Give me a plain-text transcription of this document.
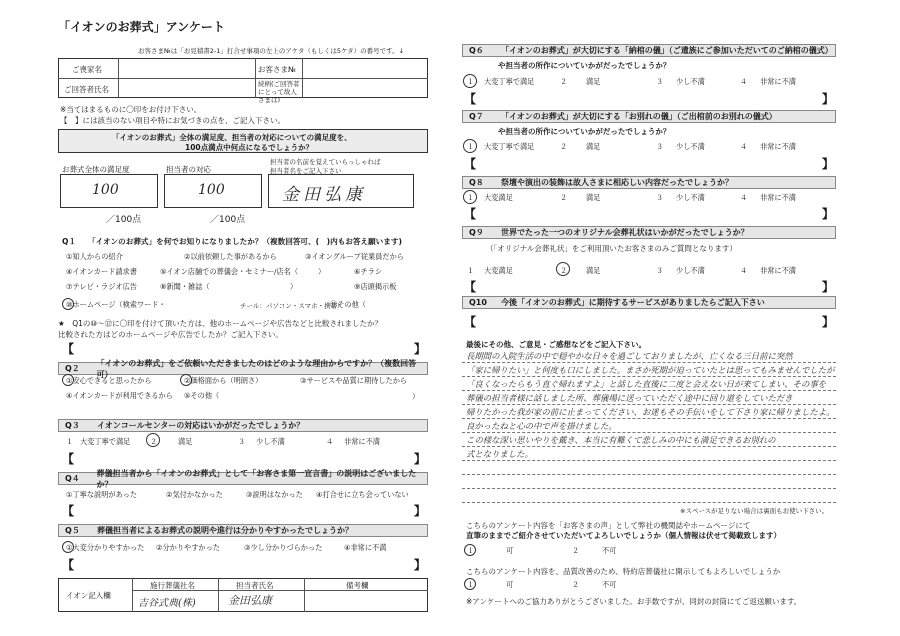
「イオンのお葬式」アンケート
お客さま№は「お見積書2-1」打合せ事項の左上のアケタ（もしくは5ケタ）の番号です。↓
ご喪家名	お客さま№
ご回答者氏名
続柄(ご回答者にとって故人さまは)
※当てはまるものに〇印をお付け下さい。
【　】には該当のない項目や特にお気づきの点を、ご記入下さい。
「イオンのお葬式」全体の満足度、担当者の対応についての満足度を、
100点満点中何点になるでしょうか？
お葬式全体の満足度	担当者の対応
担当者の名前を覚えていらっしゃれば
担当者名をご記入下さい
100	100	金田弘康
／100点	／100点
Q１ 「イオンのお葬式」を何でお知りになりましたか？（複数回答可、(　)内もお答え願います)
①知人からの紹介	②以前依頼した事があるから	③イオングループ従業員だから
④イオンカード請求書	⑤イオン店舗での葬儀会・セミナー/店名（	）	⑥チラシ
⑦テレビ・ラジオ広告	⑧新聞・雑誌（	）	⑨店頭掲示板
⑩ホームページ（検索ワード・	チール：パソコン・スマホ・携帯）
⑪その他（
★　Q1の⑩～⑫に〇印を付けて頂いた方は、他のホームページや広告などと比較されましたか？
比較された方はどのホームページや広告でしたか？ご記入下さい。
【	】
Q２
「イオンのお葬式」をご依頼いただきましたのはどのような理由からですか？（複数回答可）
①安心できると思ったから	②価格面から（明朗さ）	③サービスや品質に期待したから
④イオンカードが利用できるから ⑤その他（	）
Q３	イオンコールセンターの対応はいかがだったでしょうか？
１ 大変丁寧で満足	２	満足	３ 少し不満	４ 非常に不満
【	】
Q４
葬儀担当者から「イオンのお葬式」として「お客さま第一宣言書」の説明はございましたか？
①丁寧な説明があった	②気付かなかった	③説明はなかった ④打合せに立ち会っていない
【	】
Q５	葬儀担当者によるお葬式の説明や進行は分かりやすかったでしょうか？
①大変分かりやすかった ②分かりやすかった	③少し分かりづらかった	④非常に不満
【	】
イオン記入欄
施行葬儀社名	担当者氏名	備考欄
吉谷式典(株)	金田弘康
Q６	「イオンのお葬式」が大切にする「納棺の儀」（ご遺族にご参加いただいてのご納棺の儀式）
や担当者の所作についていかがだったでしょうか？
１ 大変丁寧で満足	２	満足	３ 少し不満	４ 非常に不満
【	】
Q７	「イオンのお葬式」が大切にする「お別れの儀」（ご出棺前のお別れの儀式）
や担当者の所作についていかがだったでしょうか？
１ 大変丁寧で満足	２	満足	３ 少し不満	４ 非常に不満
【	】
Q８	祭壇や演出の装飾は故人さまに相応しい内容だったでしょうか？
１ 大変満足	２	満足	３ 少し不満	４ 非常に不満
【	】
Q９	世界でたった一つのオリジナル会葬礼状はいかがだったでしょうか？
（「オリジナル会葬礼状」をご利用頂いたお客さまのみご質問となります）
１ 大変満足	２	満足	３ 少し不満	４ 非常に不満
【	】
Q10	今後「イオンのお葬式」に期待するサービスがありましたらご記入下さい
【	】
最後にその他、ご意見・ご感想などをご記入下さい。
長期間の入院生活の中で穏やかな日々を過ごしておりましたが、亡くなる三日前に突然
「家に帰りたい」と何度も口にしました。まさか死期が迫っていたとは思ってもみませんでしたが
「良くなったらもう直ぐ帰れますよ」と話した直後に二度と会えない日が来てしまい、その事を
葬儀の担当者様に話しました所、葬儀場に送っていただく途中に回り道をしていただき
帰りたかった我が家の前に止まってください、お迷もその手伝いをして下さり家に帰りましたよ。
良かったねと心の中で声を掛けました。
この様な深い思いやりを戴き、本当に有難くて悲しみの中にも満足できるお別れの
式となりました。
※スペースが足りない場合は裏面もお使い下さい。
こちらのアンケート内容を「お客さまの声」として弊社の機関誌やホームページにて
直筆のままでご紹介させていただいてよろしいでしょうか（個人情報は伏せて掲載致します）
１	可	２	不可
こちらのアンケート内容を、品質改善のため、特約店葬儀社に開示してもよろしいでしょうか
１	可	２	不可
※アンケートへのご協力ありがとうございました。お手数ですが、同封の封筒にてご返送願います。
